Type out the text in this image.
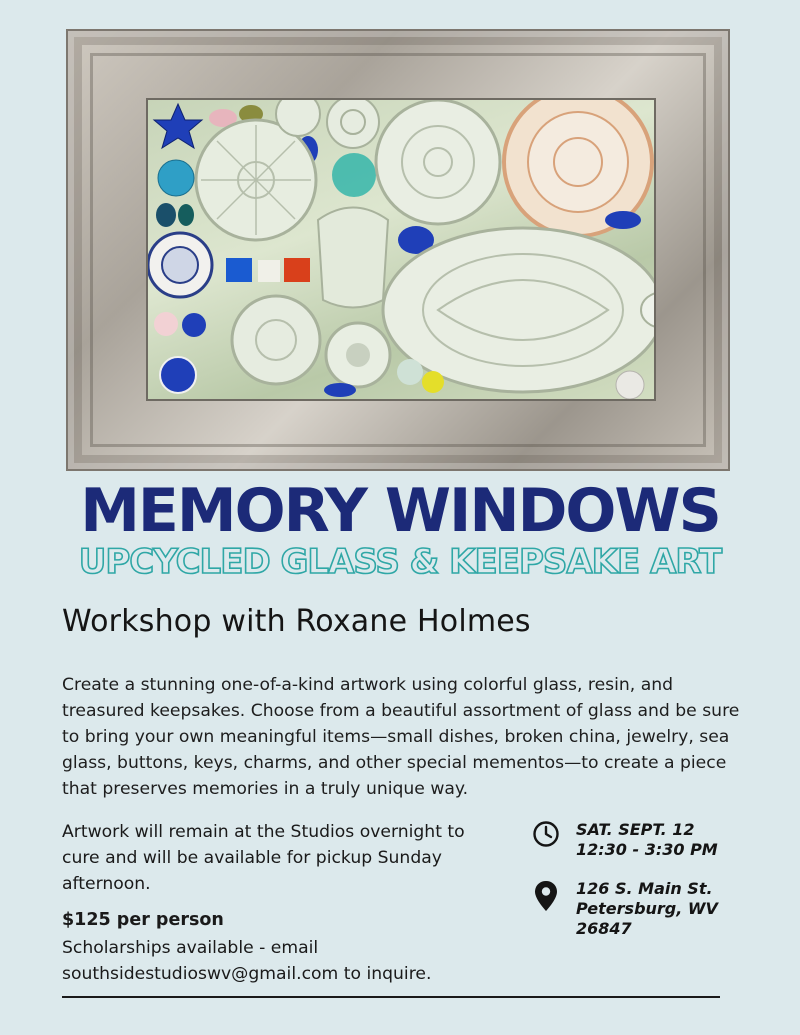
MEMORY WINDOWS
UPCYCLED GLASS & KEEPSAKE ART
Workshop with Roxane Holmes

Create a stunning one-of-a-kind artwork using colorful glass, resin, and treasured keepsakes. Choose from a beautiful assortment of glass and be sure to bring your own meaningful items—small dishes, broken china, jewelry, sea glass, buttons, keys, charms, and other special mementos—to create a piece that preserves memories in a truly unique way.

Artwork will remain at the Studios overnight to cure and will be available for pickup Sunday afternoon.

$125 per person

Scholarships available - email southsidestudioswv@gmail.com to inquire.

SAT. SEPT. 12
12:30 - 3:30 PM
126 S. Main St.
Petersburg, WV
26847
